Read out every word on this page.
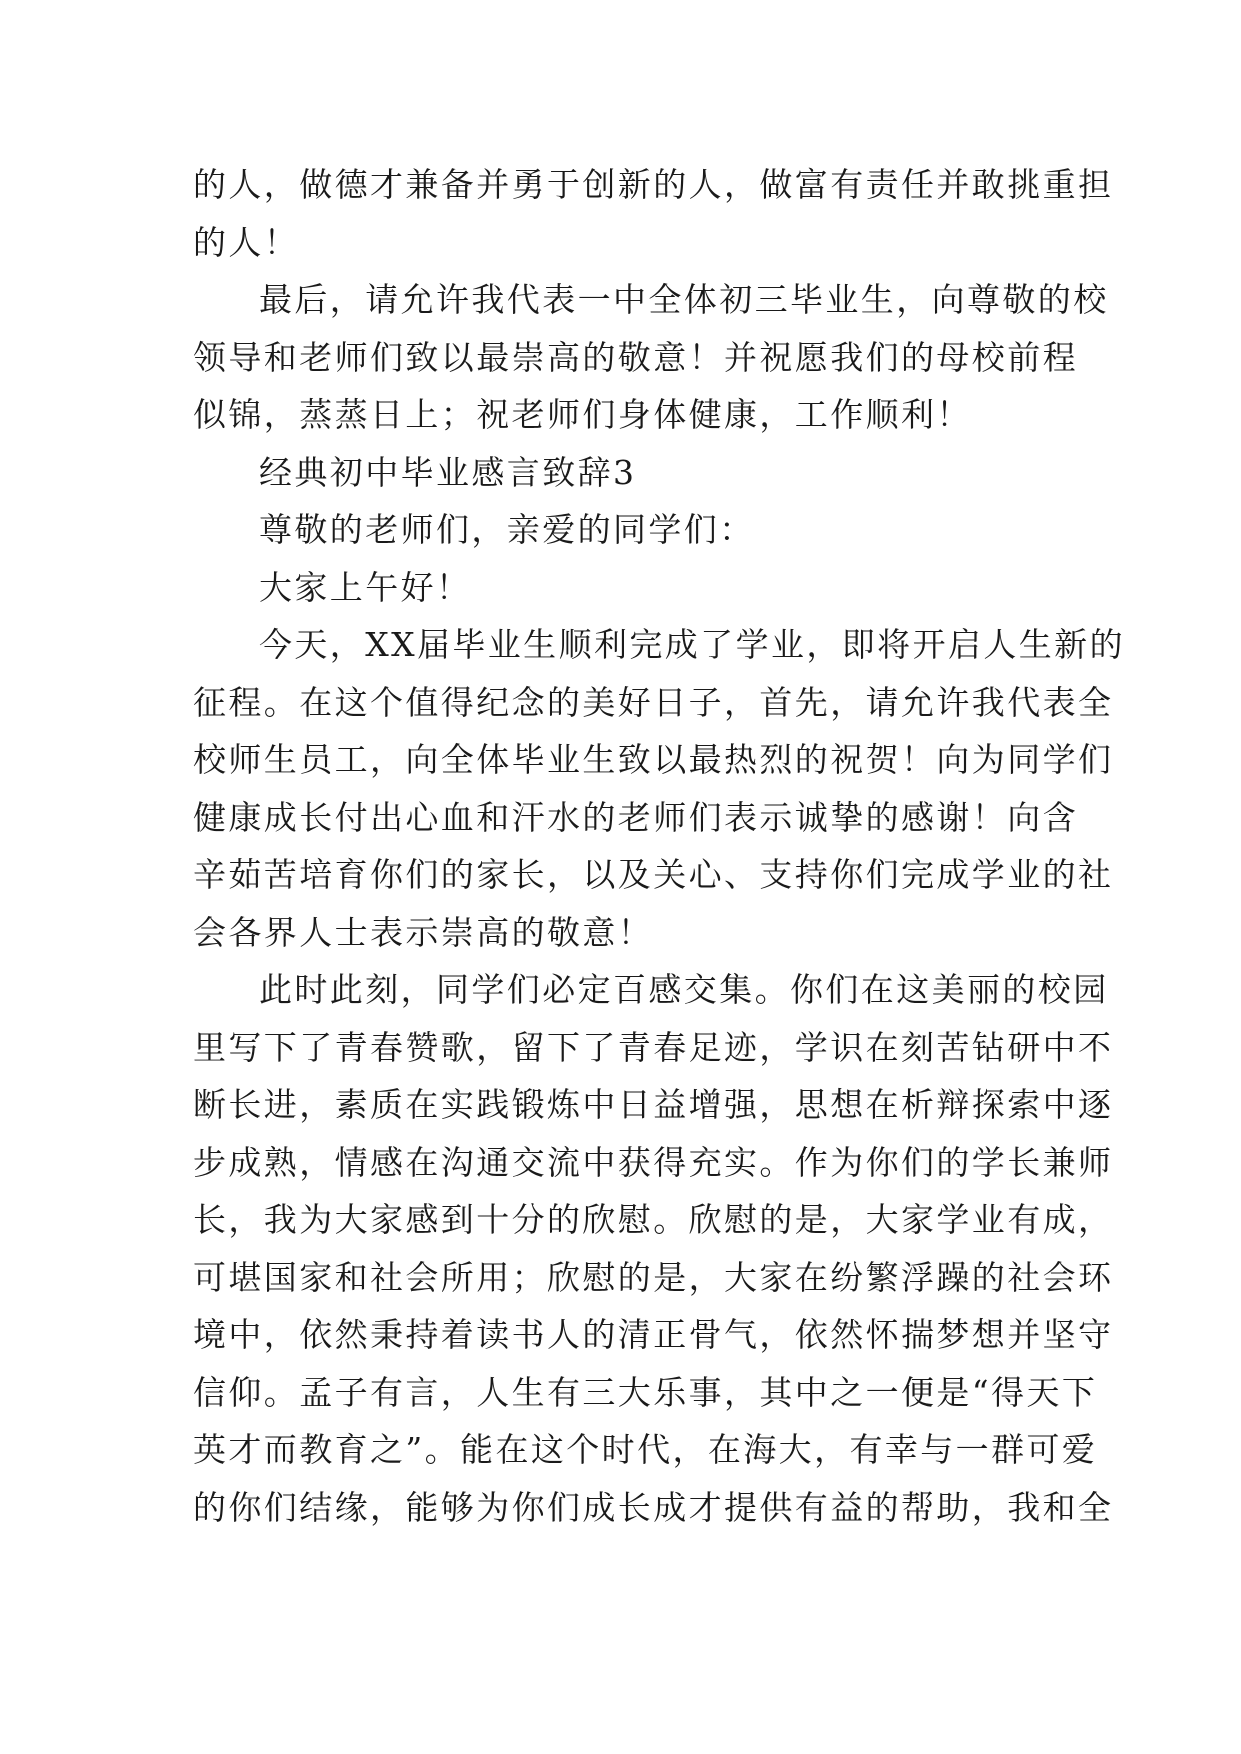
的人，做德才兼备并勇于创新的人，做富有责任并敢挑重担
的人！
最后，请允许我代表一中全体初三毕业生，向尊敬的校
领导和老师们致以最崇高的敬意！并祝愿我们的母校前程
似锦，蒸蒸日上；祝老师们身体健康，工作顺利！
经典初中毕业感言致辞3
尊敬的老师们，亲爱的同学们：
大家上午好！
今天，XX届毕业生顺利完成了学业，即将开启人生新的
征程。在这个值得纪念的美好日子，首先，请允许我代表全
校师生员工，向全体毕业生致以最热烈的祝贺！向为同学们
健康成长付出心血和汗水的老师们表示诚挚的感谢！向含
辛茹苦培育你们的家长，以及关心、支持你们完成学业的社
会各界人士表示崇高的敬意！
此时此刻，同学们必定百感交集。你们在这美丽的校园
里写下了青春赞歌，留下了青春足迹，学识在刻苦钻研中不
断长进，素质在实践锻炼中日益增强，思想在析辩探索中逐
步成熟，情感在沟通交流中获得充实。作为你们的学长兼师
长，我为大家感到十分的欣慰。欣慰的是，大家学业有成，
可堪国家和社会所用；欣慰的是，大家在纷繁浮躁的社会环
境中，依然秉持着读书人的清正骨气，依然怀揣梦想并坚守
信仰。孟子有言，人生有三大乐事，其中之一便是“得天下
英才而教育之”。能在这个时代，在海大，有幸与一群可爱
的你们结缘，能够为你们成长成才提供有益的帮助，我和全
